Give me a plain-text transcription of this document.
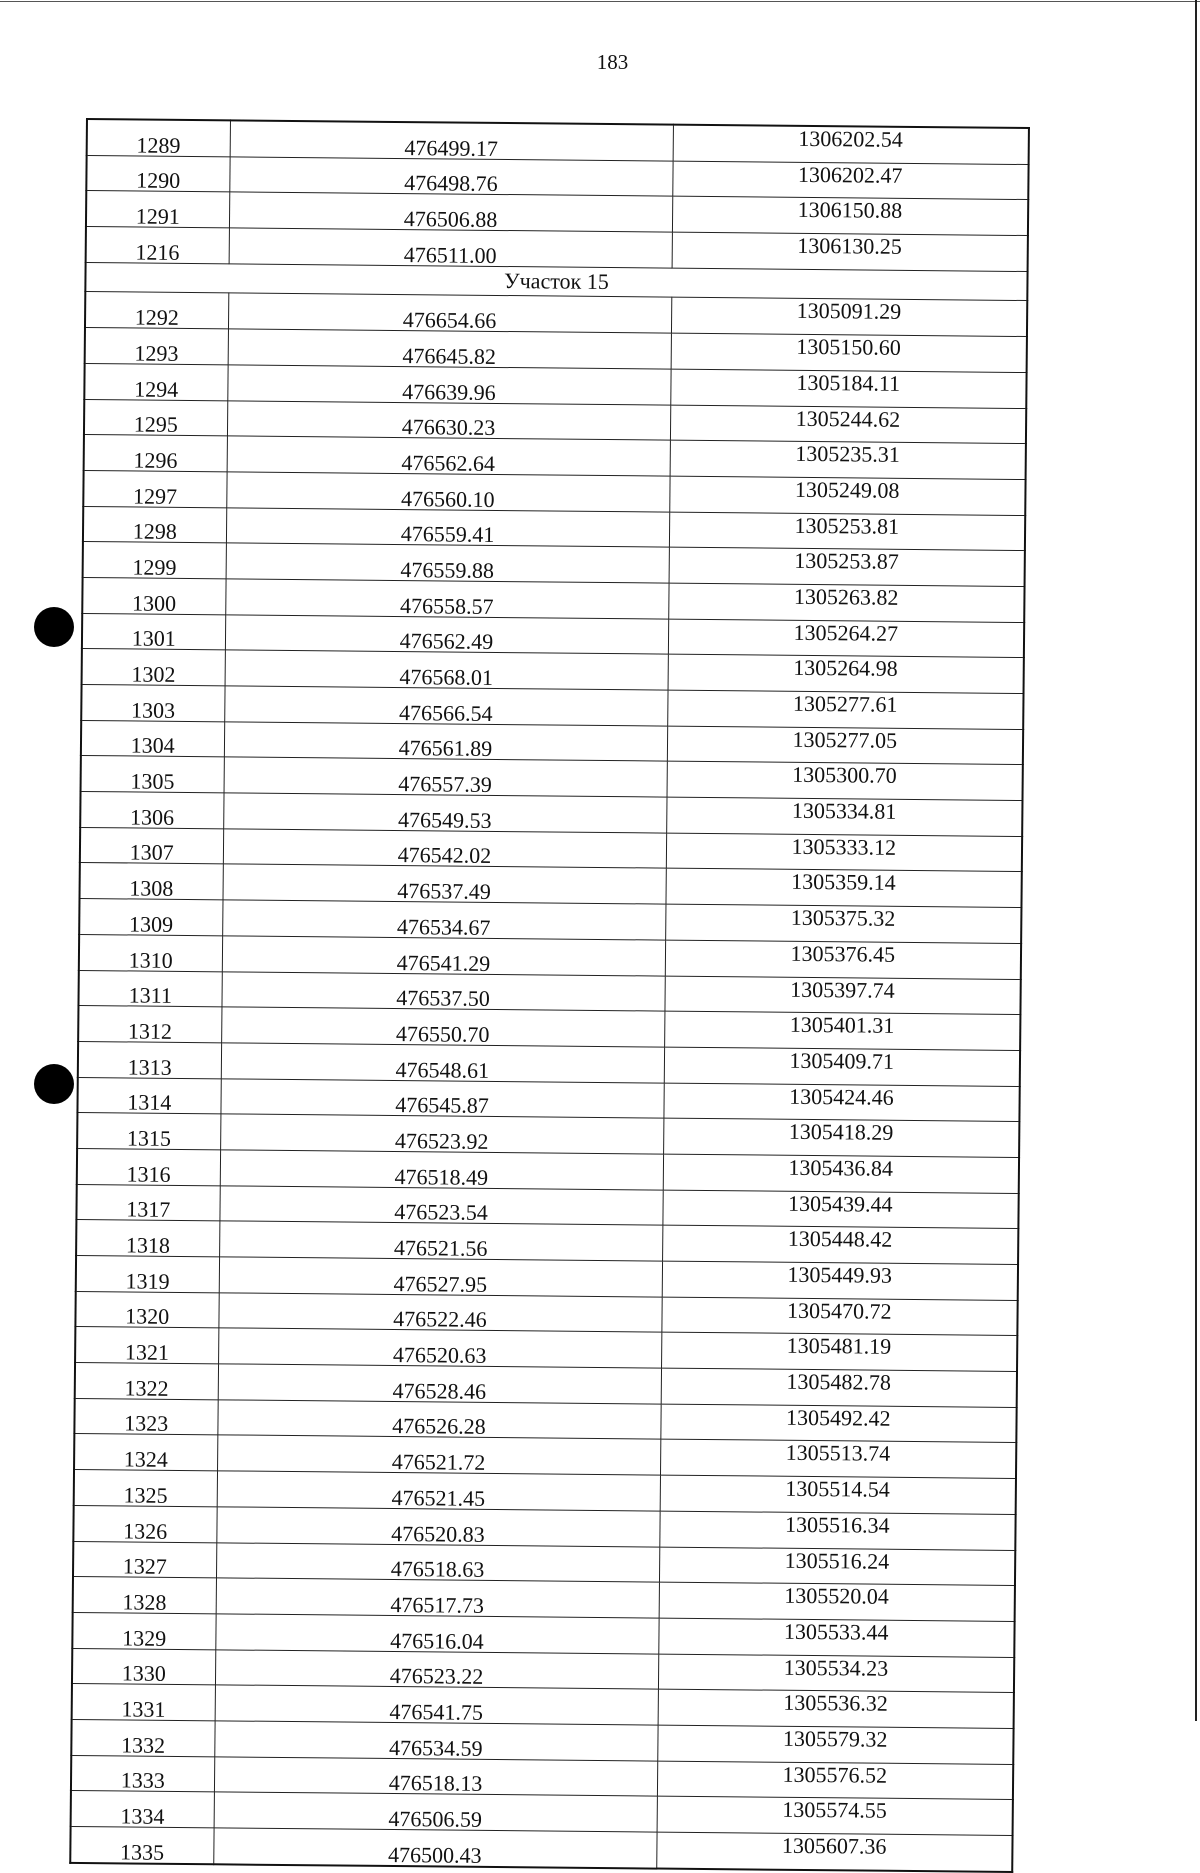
183
1289	476499.17	1306202.54
1290	476498.76	1306202.47
1291	476506.88	1306150.88
1216	476511.00	1306130.25
Участок 15		
1292	476654.66	1305091.29
1293	476645.82	1305150.60
1294	476639.96	1305184.11
1295	476630.23	1305244.62
1296	476562.64	1305235.31
1297	476560.10	1305249.08
1298	476559.41	1305253.81
1299	476559.88	1305253.87
1300	476558.57	1305263.82
1301	476562.49	1305264.27
1302	476568.01	1305264.98
1303	476566.54	1305277.61
1304	476561.89	1305277.05
1305	476557.39	1305300.70
1306	476549.53	1305334.81
1307	476542.02	1305333.12
1308	476537.49	1305359.14
1309	476534.67	1305375.32
1310	476541.29	1305376.45
1311	476537.50	1305397.74
1312	476550.70	1305401.31
1313	476548.61	1305409.71
1314	476545.87	1305424.46
1315	476523.92	1305418.29
1316	476518.49	1305436.84
1317	476523.54	1305439.44
1318	476521.56	1305448.42
1319	476527.95	1305449.93
1320	476522.46	1305470.72
1321	476520.63	1305481.19
1322	476528.46	1305482.78
1323	476526.28	1305492.42
1324	476521.72	1305513.74
1325	476521.45	1305514.54
1326	476520.83	1305516.34
1327	476518.63	1305516.24
1328	476517.73	1305520.04
1329	476516.04	1305533.44
1330	476523.22	1305534.23
1331	476541.75	1305536.32
1332	476534.59	1305579.32
1333	476518.13	1305576.52
1334	476506.59	1305574.55
1335	476500.43	1305607.36
